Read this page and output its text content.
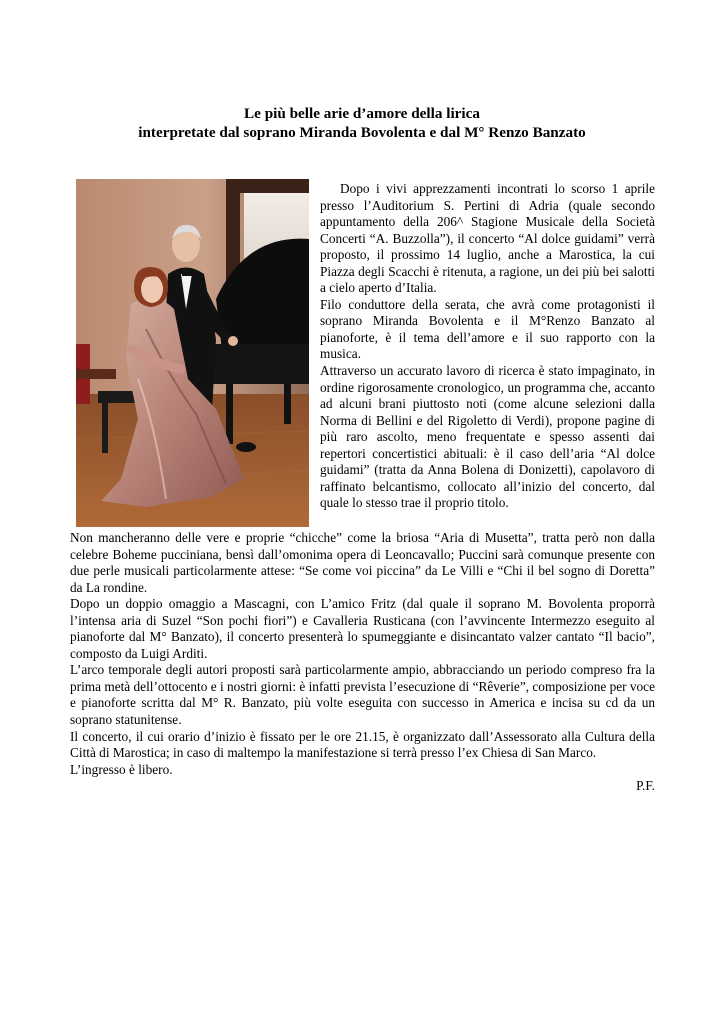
Le più belle arie d’amore della lirica
interpretate dal soprano Miranda Bovolenta e dal M° Renzo Banzato

Dopo i vivi apprezzamenti incontrati lo scorso 1 aprile presso l’Auditorium S. Pertini di Adria (quale secondo appuntamento della 206^ Stagione Musicale della Società Concerti “A. Buzzolla”), il concerto “Al dolce guidami” verrà proposto, il prossimo 14 luglio, anche a Marostica, la cui Piazza degli Scacchi è ritenuta, a ragione, un dei più bei salotti a cielo aperto d’Italia.

Filo conduttore della serata, che avrà come protagonisti il soprano Miranda Bovolenta e il M°Renzo Banzato al pianoforte, è il tema dell’amore e il suo rapporto con la musica.

Attraverso un accurato lavoro di ricerca è stato impaginato, in ordine rigorosamente cronologico, un programma che, accanto ad alcuni brani piuttosto noti (come alcune selezioni dalla Norma di Bellini e del Rigoletto di Verdi), propone pagine di più raro ascolto, meno frequentate e spesso assenti dai repertori concertistici abituali: è il caso dell’aria “Al dolce guidami” (tratta da Anna Bolena di Donizetti), capolavoro di raffinato belcantismo, collocato all’inizio del concerto, dal quale lo stesso trae il proprio titolo.

Non mancheranno delle vere e proprie “chicche” come la briosa “Aria di Musetta”, tratta però non dalla celebre Boheme pucciniana, bensì dall’omonima opera di Leoncavallo; Puccini sarà comunque presente con due perle musicali particolarmente attese: “Se come voi piccina” da Le Villi e “Chi il bel sogno di Doretta” da La rondine.

Dopo un doppio omaggio a Mascagni, con L’amico Fritz (dal quale il soprano M. Bovolenta proporrà l’intensa aria di Suzel “Son pochi fiori”) e Cavalleria Rusticana (con l’avvincente Intermezzo eseguito al pianoforte dal M° Banzato), il concerto presenterà lo spumeggiante e disincantato valzer cantato “Il bacio”, composto da Luigi Arditi.

L’arco temporale degli autori proposti sarà particolarmente ampio, abbracciando un periodo compreso fra la prima metà dell’ottocento e i nostri giorni: è infatti prevista l’esecuzione di “Rêverie”, composizione per voce e pianoforte scritta dal M° R. Banzato, più volte eseguita con successo in America e incisa su cd da un soprano statunitense.

Il concerto, il cui orario d’inizio è fissato per le ore 21.15, è organizzato dall’Assessorato alla Cultura della Città di Marostica; in caso di maltempo la manifestazione si terrà presso l’ex Chiesa di San Marco.

L’ingresso è libero.

P.F.
